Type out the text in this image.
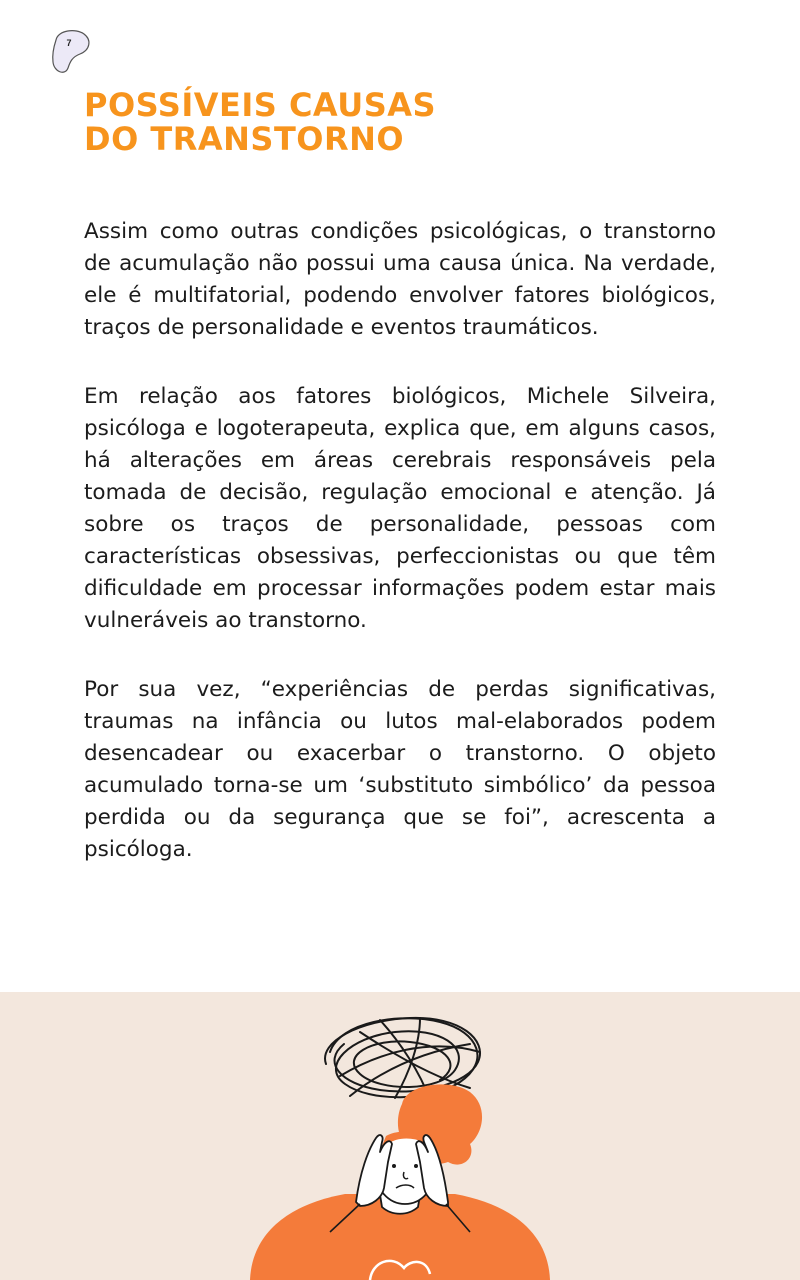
7
POSSÍVEIS CAUSAS
DO TRANSTORNO

Assim como outras condições psicológicas, o transtorno de acumulação não possui uma causa única. Na verdade, ele é multifatorial, podendo envolver fatores biológicos, traços de personalidade e eventos traumáticos.

Em relação aos fatores biológicos, Michele Silveira, psicóloga e logoterapeuta, explica que, em alguns casos, há alterações em áreas cerebrais responsáveis pela tomada de decisão, regulação emocional e atenção. Já sobre os traços de personalidade, pessoas com características obsessivas, perfeccionistas ou que têm dificuldade em processar informações podem estar mais vulneráveis ao transtorno.

Por sua vez, “experiências de perdas significativas, traumas na infância ou lutos mal-elaborados podem desencadear ou exacerbar o transtorno. O objeto acumulado torna-se um ‘substituto simbólico’ da pessoa perdida ou da segurança que se foi”, acrescenta a psicóloga.
